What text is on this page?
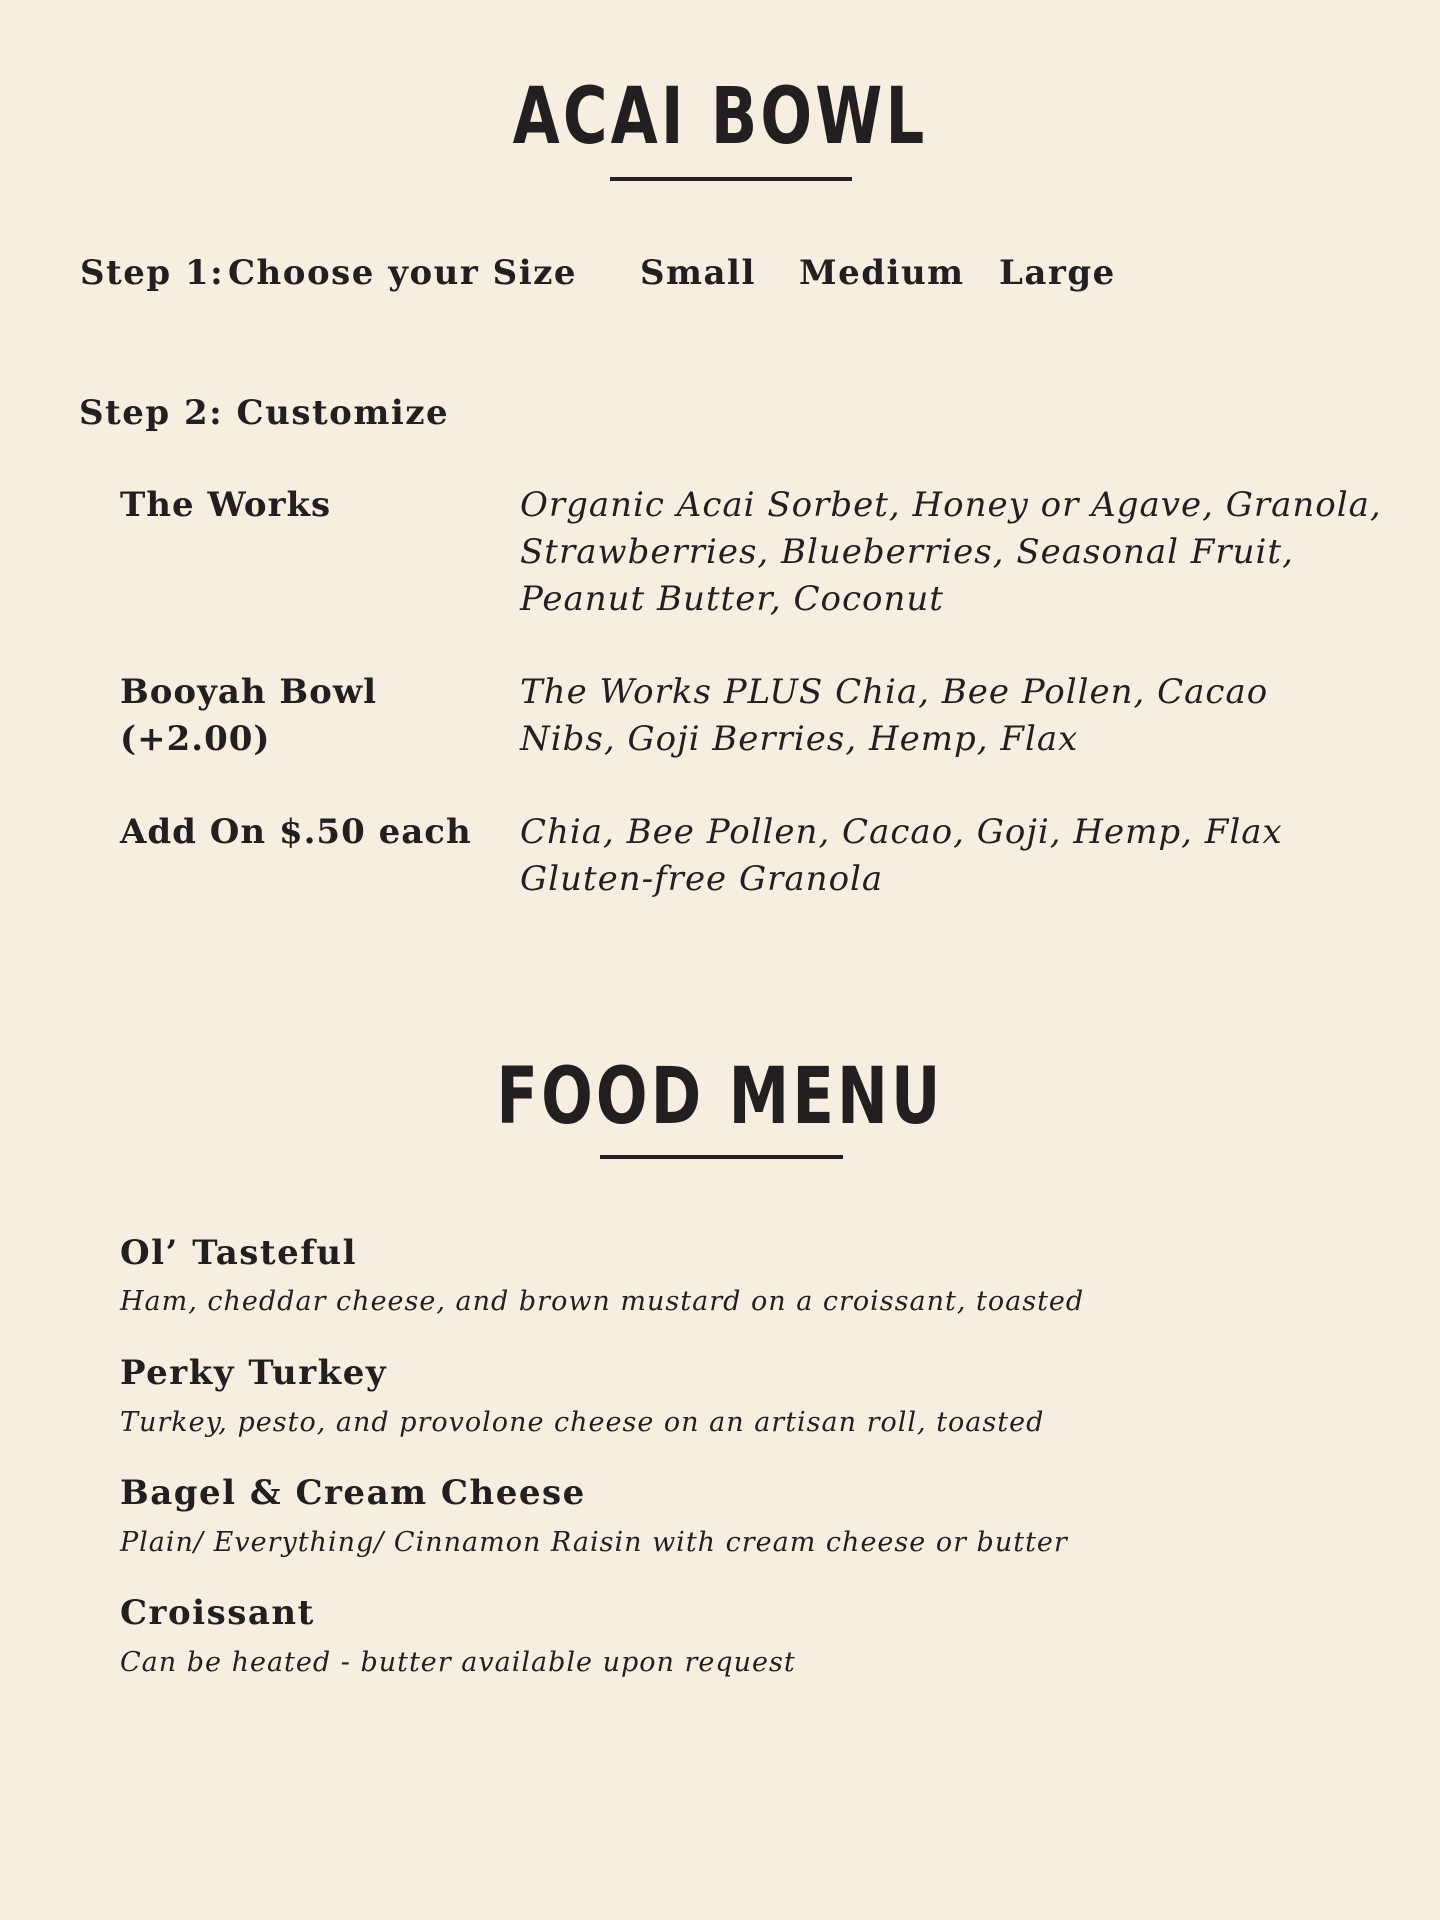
ACAI BOWL
Step 1: Choose your Size Small Medium Large
Step 2: Customize
The Works	Organic Acai Sorbet, Honey or Agave, Granola, Strawberries, Blueberries, Seasonal Fruit, Peanut Butter, Coconut
Booyah Bowl (+2.00)
The Works PLUS Chia, Bee Pollen, Cacao Nibs, Goji Berries, Hemp, Flax
Add On $.50 each	Chia, Bee Pollen, Cacao, Goji, Hemp, Flax Gluten-free Granola
FOOD MENU
Ol’ Tasteful
Ham, cheddar cheese, and brown mustard on a croissant, toasted
Perky Turkey
Turkey, pesto, and provolone cheese on an artisan roll, toasted
Bagel & Cream Cheese
Plain/ Everything/ Cinnamon Raisin with cream cheese or butter
Croissant
Can be heated - butter available upon request
